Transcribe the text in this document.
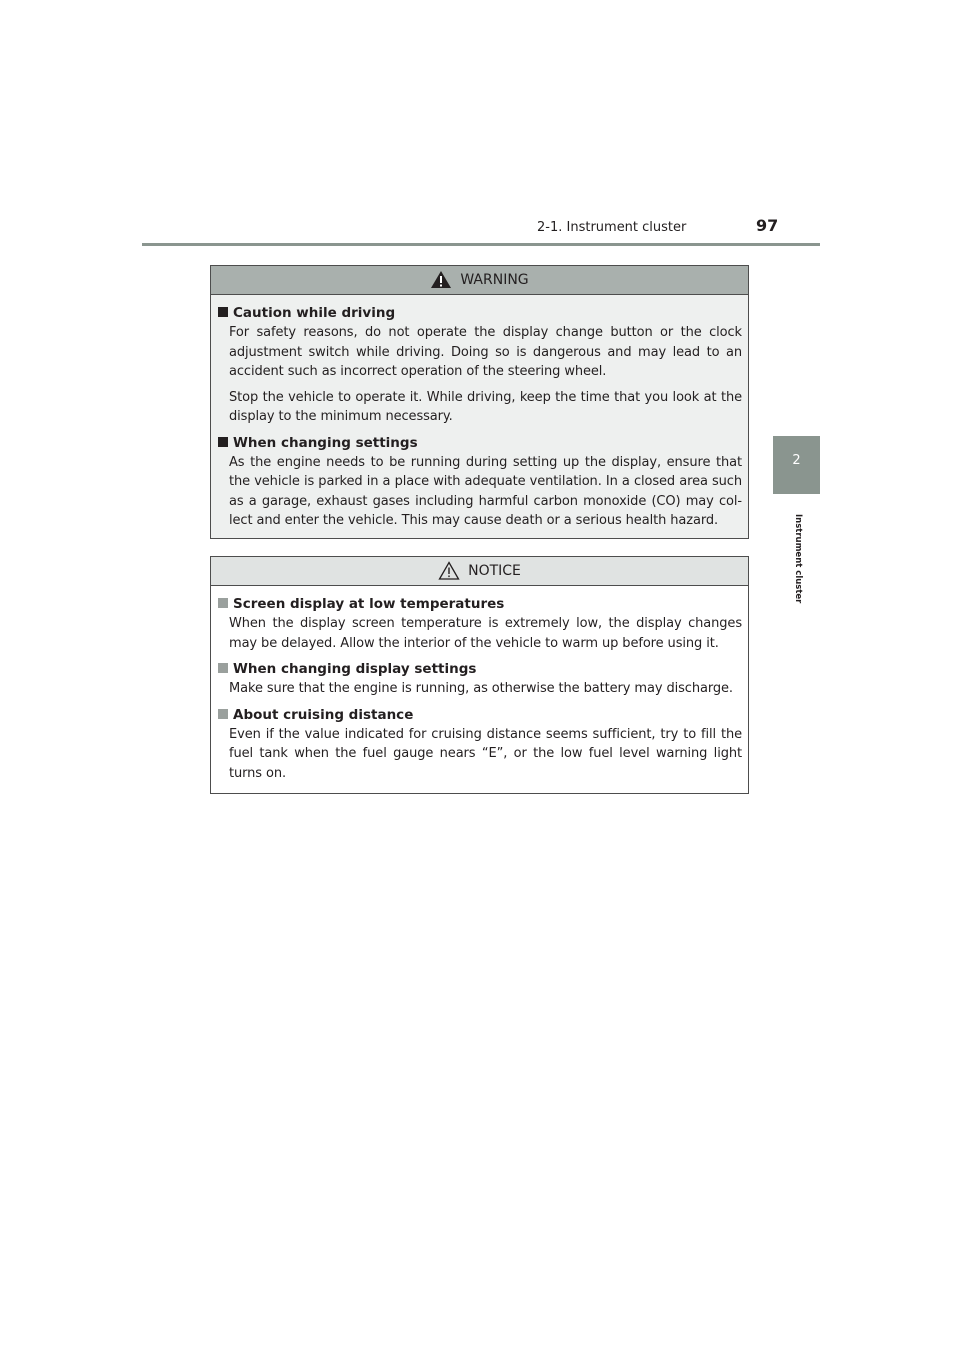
2-1. Instrument cluster	97
2
Instrument cluster
WARNING
Caution while driving

For safety reasons, do not operate the display change button or the clock adjustment switch while driving. Doing so is dangerous and may lead to an accident such as incorrect operation of the steering wheel.

Stop the vehicle to operate it. While driving, keep the time that you look at the display to the minimum necessary.

When changing settings

As the engine needs to be running during setting up the display, ensure that the vehicle is parked in a place with adequate ventilation. In a closed area such as a garage, exhaust gases including harmful carbon monoxide (CO) may col-lect and enter the vehicle. This may cause death or a serious health hazard.

NOTICE
Screen display at low temperatures

When the display screen temperature is extremely low, the display changes may be delayed. Allow the interior of the vehicle to warm up before using it.

When changing display settings

Make sure that the engine is running, as otherwise the battery may discharge.

About cruising distance

Even if the value indicated for cruising distance seems sufficient, try to fill the fuel tank when the fuel gauge nears “E”, or the low fuel level warning light turns on.
